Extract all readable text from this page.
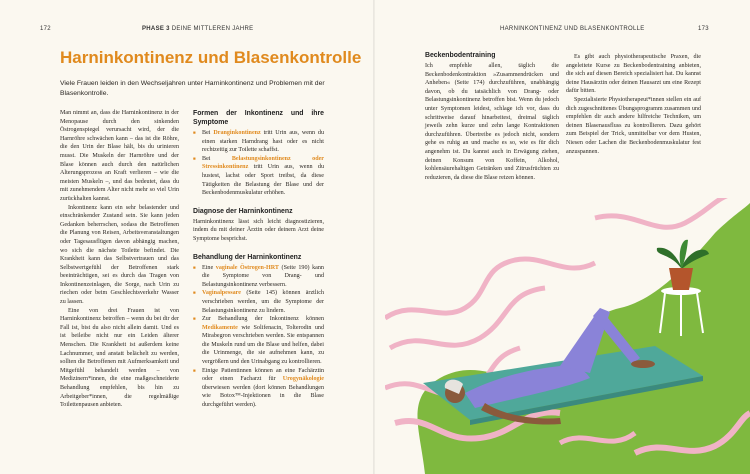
172	PHASE 3 DEINE MITTLEREN JAHRE
Harninkontinenz und Blasenkontrolle
Viele Frauen leiden in den Wechseljahren unter Harninkontinenz und Problemen mit der Blasenkontrolle.

Man nimmt an, dass die Harninkontinenz in der Menopause durch den sinkenden Östrogenspiegel verursacht wird, der die Harnröhre schwächen kann – das ist die Röhre, die den Urin der Blase hält, bis du urinieren musst. Die Muskeln der Harnröhre und der Blase können auch durch den natürlichen Alterungsprozess an Kraft verlieren – wie die meisten Muskeln –, und das bedeutet, dass du mit zunehmendem Alter nicht mehr so viel Urin zurückhalten kannst.

Inkontinenz kann ein sehr belastender und einschränkender Zustand sein. Sie kann jeden Gedanken beherrschen, sodass die Betroffenen die Planung von Reisen, Arbeitsveranstaltungen oder Tagesausflügen davon abhängig machen, wo sich die nächste Toilette befindet. Die Krankheit kann das Selbstvertrauen und das Selbstwertgefühl der Betroffenen stark beeinträchtigen, sei es durch das Tragen von Inkontinenzeinlagen, die Sorge, nach Urin zu riechen oder beim Geschlechtsverkehr Wasser zu lassen.

Eine von drei Frauen ist von Harninkontinenz betroffen – wenn du bei dir der Fall ist, bist du also nicht allein damit. Und es ist beileibe nicht nur ein Leiden älterer Menschen. Die Krankheit ist außerdem keine Lachnummer, und anstatt belächelt zu werden, sollten die Betroffenen mit Aufmerksamkeit und Mitgefühl behandelt werden – von Medizinern*innen, die eine maßgeschneiderte Behandlung empfehlen, bis hin zu Arbeitgeber*innen, die regelmäßige Toilettenpausen anbieten.

Formen der Inkontinenz und ihre Symptome
■ Bei Dranginkontinenz tritt Urin aus, wenn du einen starken Harndrang hast oder es nicht rechtzeitig zur Toilette schaffst.
■ Bei Belastungsinkontinenz oder Stressinkontinenz tritt Urin aus, wenn du hustest, lachst oder Sport treibst, da diese Tätigkeiten die Belastung der Blase und der Beckenbodenmuskulatur erhöhen.
Diagnose der Harninkontinenz

Harninkontinenz lässt sich leicht diagnostizieren, indem du mit deiner Ärztin oder deinem Arzt deine Symptome besprichst.

Behandlung der Harninkontinenz
■ Eine vaginale Östrogen-HRT (Seite 190) kann die Symptome von Drang- und Belastungsinkontinenz verbessern.
■ Vaginalpessare (Seite 145) können ärztlich verschrieben werden, um die Symptome der Belastungsinkontinenz zu lindern.
■ Zur Behandlung der Inkontinenz können Medikamente wie Solifenacin, Tolterodin und Mirabegron verschrieben werden. Sie entspannen die Muskeln rund um die Blase und helfen, dabei die Urinmenge, die sie aufnehmen kann, zu vergrößern und den Urinabgang zu kontrollieren.
■ Einige Patientinnen können an eine Fachärztin oder einen Facharzt für Urogynäkologie überwiesen werden (dort können Behandlungen wie Botox™-Injektionen in die Blase durchgeführt werden).
HARNINKONTINENZ UND BLASENKONTROLLE	173
Beckenbodentraining

Ich empfehle allen, täglich die Beckenbodenkontraktion »Zusammendrücken und Anheben« (Seite 174) durchzuführen, unabhängig davon, ob du tatsächlich von Drang- oder Belastungsinkontinenz betroffen bist. Wenn du jedoch unter Symptomen leidest, schlage ich vor, dass du schrittweise darauf hinarbeitest, dreimal täglich jeweils zehn kurze und zehn lange Kontraktionen durchzuführen. Übertreibe es jedoch nicht, sondern gehe es ruhig an und mache es so, wie es für dich angenehm ist. Du kannst auch in Erwägung ziehen, deinen Konsum von Koffein, Alkohol, kohlensäurehaltigen Getränken und Zitrusfrüchten zu reduzieren, da diese die Blase reizen können.

Es gibt auch physiotherapeutische Praxen, die angeleitete Kurse zu Beckenbodentraining anbieten, die sich auf diesen Bereich spezialisiert hat. Du kannst deine Hausärztin oder deinen Hausarzt um eine Rezept dafür bitten.

Spezialisierte Physiotherapeut*innen stellen ein auf dich zugeschnittenes Übungsprogramm zusammen und empfehlen dir auch andere hilfreiche Techniken, um deinen Blasenausfluss zu kontrollieren. Dazu gehört zum Beispiel der Trick, unmittelbar vor dem Husten, Niesen oder Lachen die Beckenbodenmuskulatur fest anzuspannen.
